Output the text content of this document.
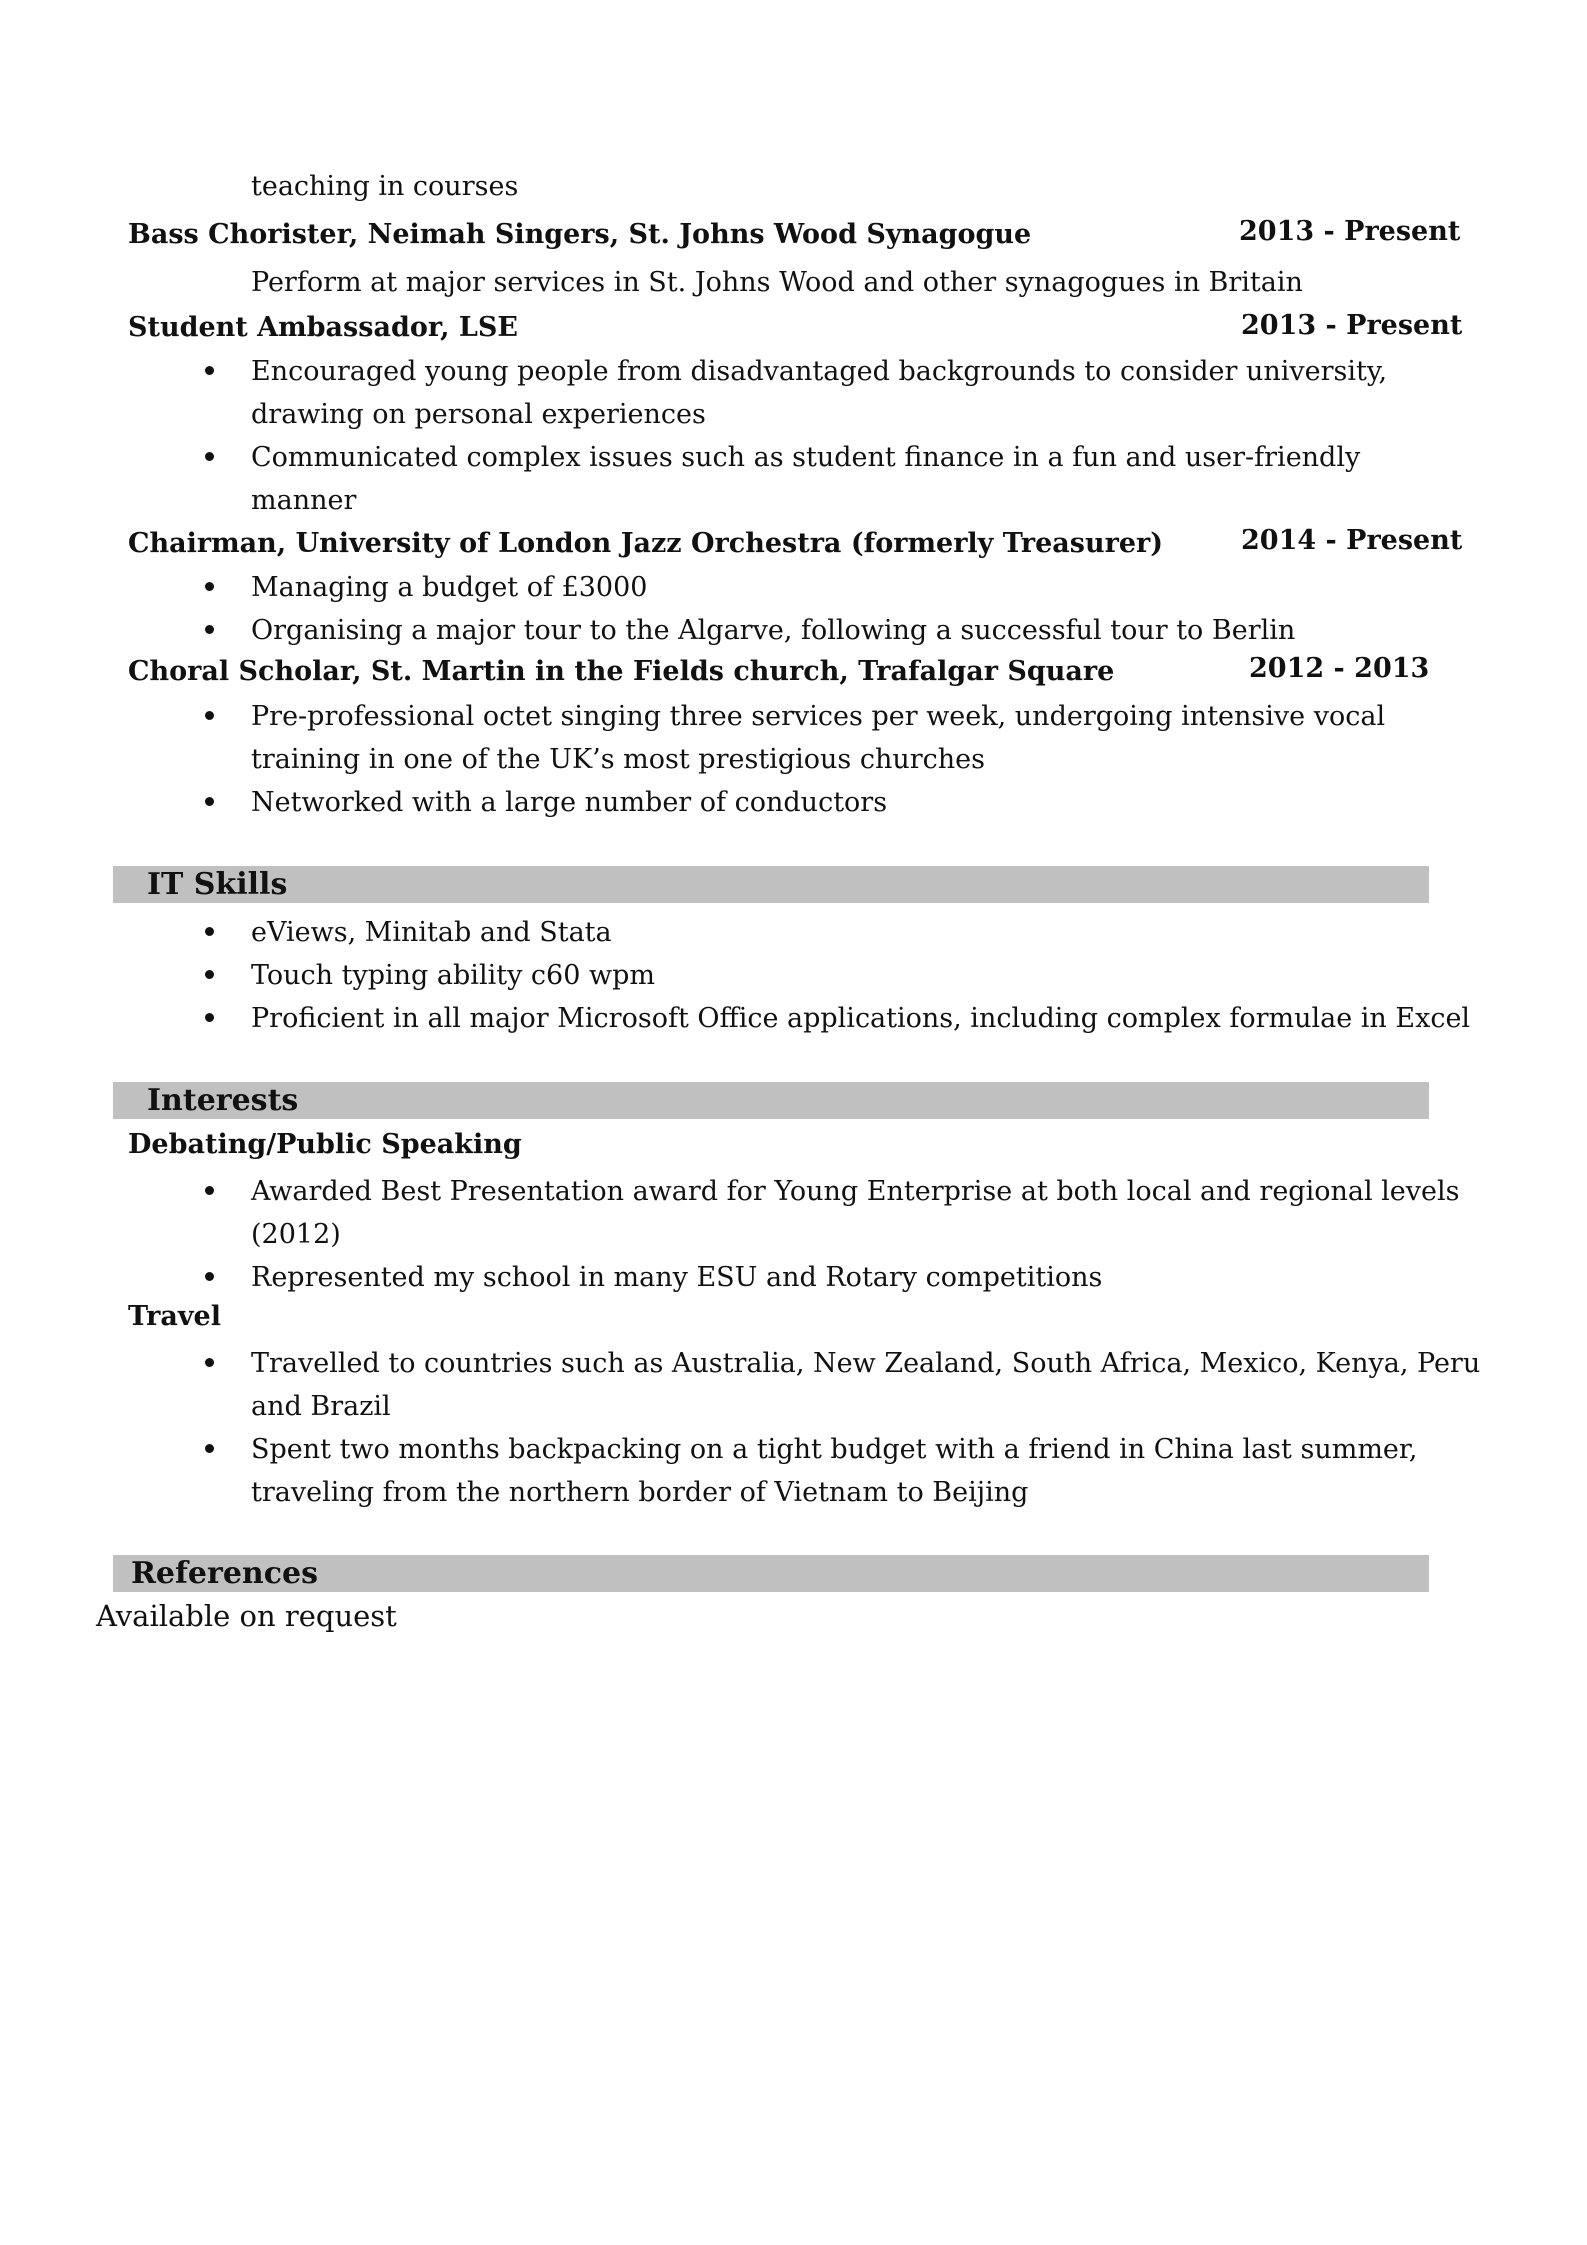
teaching in courses
Bass Chorister, Neimah Singers, St. Johns Wood Synagogue	2013 - Present
Perform at major services in St. Johns Wood and other synagogues in Britain
Student Ambassador, LSE	2013 - Present
Encouraged young people from disadvantaged backgrounds to consider university,
drawing on personal experiences
Communicated complex issues such as student finance in a fun and user-friendly
manner
Chairman, University of London Jazz Orchestra (formerly Treasurer)	2014 - Present
Managing a budget of £3000
Organising a major tour to the Algarve, following a successful tour to Berlin
Choral Scholar, St. Martin in the Fields church, Trafalgar Square	2012 - 2013
Pre-professional octet singing three services per week, undergoing intensive vocal
training in one of the UK’s most prestigious churches
Networked with a large number of conductors
IT Skills
eViews, Minitab and Stata
Touch typing ability c60 wpm
Proficient in all major Microsoft Office applications, including complex formulae in Excel
Interests
Debating/Public Speaking
Awarded Best Presentation award for Young Enterprise at both local and regional levels
(2012)
Represented my school in many ESU and Rotary competitions
Travel
Travelled to countries such as Australia, New Zealand, South Africa, Mexico, Kenya, Peru
and Brazil
Spent two months backpacking on a tight budget with a friend in China last summer,
traveling from the northern border of Vietnam to Beijing
References
Available on request
